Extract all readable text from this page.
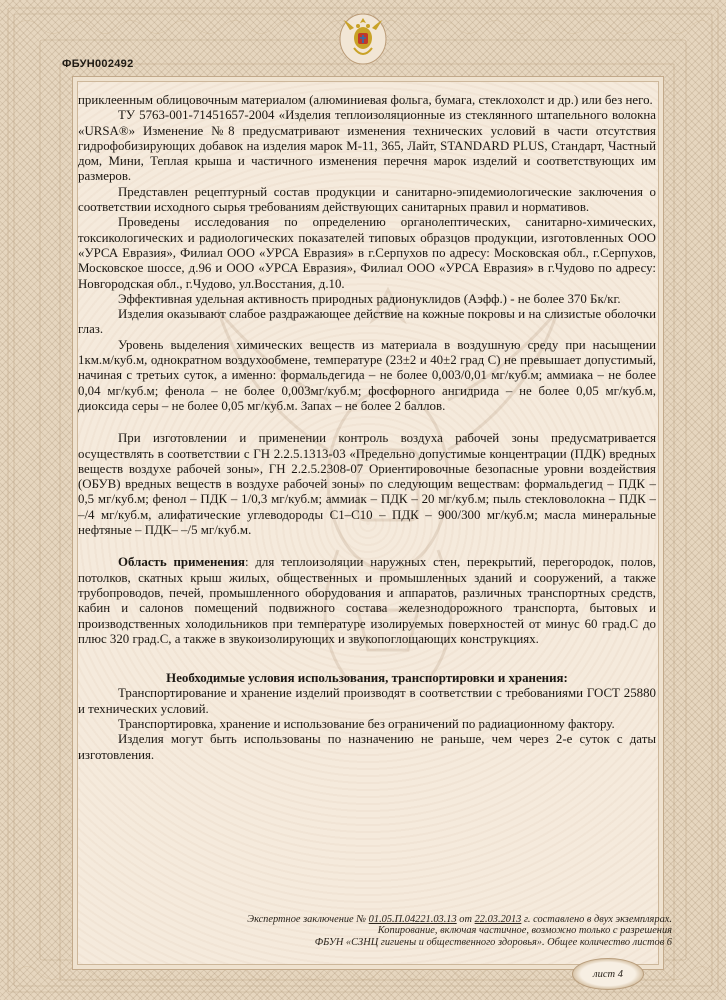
ФБУН002492

приклеенным облицовочным материалом (алюминиевая фольга, бумага, стеклохолст и др.) или без него.

ТУ 5763-001-71451657-2004 «Изделия теплоизоляционные из стеклянного штапельного волокна «URSA®» Изменение №8 предусматривают изменения технических условий в части отсутствия гидрофобизирующих добавок на изделия марок М-11, 365, Лайт, STANDARD PLUS, Стандарт, Частный дом, Мини, Теплая крыша и частичного изменения перечня марок изделий и соответствующих им размеров.

Представлен рецептурный состав продукции и санитарно-эпидемиологические заключения о соответствии исходного сырья требованиям действующих санитарных правил и нормативов.

Проведены исследования по определению органолептических, санитарно-химических, токсикологических и радиологических показателей типовых образцов продукции, изготовленных ООО «УРСА Евразия», Филиал ООО «УРСА Евразия» в г.Серпухов по адресу: Московская обл., г.Серпухов, Московское шоссе, д.96 и ООО «УРСА Евразия», Филиал ООО «УРСА Евразия» в г.Чудово по адресу: Новгородская обл., г.Чудово, ул.Восстания, д.10.

Эффективная удельная активность природных радионуклидов (Аэфф.) - не более 370 Бк/кг.

Изделия оказывают слабое раздражающее действие на кожные покровы и на слизистые оболочки глаз.

Уровень выделения химических веществ из материала в воздушную среду при насыщении 1км.м/куб.м, однократном воздухообмене, температуре (23±2 и 40±2 град С) не превышает допустимый, начиная с третьих суток, а именно: формальдегида – не более 0,003/0,01 мг/куб.м; аммиака – не более 0,04 мг/куб.м; фенола – не более 0,003мг/куб.м; фосфорного ангидрида – не более 0,05 мг/куб.м, диоксида серы – не более 0,05 мг/куб.м. Запах – не более 2 баллов.

При изготовлении и применении контроль воздуха рабочей зоны предусматривается осуществлять в соответствии с ГН 2.2.5.1313-03 «Предельно допустимые концентрации (ПДК) вредных веществ воздухе рабочей зоны», ГН 2.2.5.2308-07 Ориентировочные безопасные уровни воздействия (ОБУВ) вредных веществ в воздухе рабочей зоны» по следующим веществам: формальдегид – ПДК – 0,5 мг/куб.м; фенол – ПДК – 1/0,3 мг/куб.м; аммиак – ПДК – 20 мг/куб.м; пыль стекловолокна – ПДК – –/4 мг/куб.м, алифатические углеводороды С1–С10 – ПДК – 900/300 мг/куб.м; масла минеральные нефтяные – ПДК– –/5 мг/куб.м.

Область применения: для теплоизоляции наружных стен, перекрытий, перегородок, полов, потолков, скатных крыш жилых, общественных и промышленных зданий и сооружений, а также трубопроводов, печей, промышленного оборудования и аппаратов, различных транспортных средств, кабин и салонов помещений подвижного состава железнодорожного транспорта, бытовых и производственных холодильников при температуре изолируемых поверхностей от минус 60 град.С до плюс 320 град.С, а также в звукоизолирующих и звукопоглощающих конструкциях.

Необходимые условия использования, транспортировки и хранения:

Транспортирование и хранение изделий производят в соответствии с требованиями ГОСТ 25880 и технических условий.

Транспортировка, хранение и использование без ограничений по радиационному фактору.

Изделия могут быть использованы по назначению не раньше, чем через 2-е суток с даты изготовления.

Экспертное заключение № 01.05.П.04221.03.13 от 22.03.2013 г. составлено в двух экземплярах.
Копирование, включая частичное, возможно только с разрешения
ФБУН «СЗНЦ гигиены и общественного здоровья». Общее количество листов 6
лист 4
